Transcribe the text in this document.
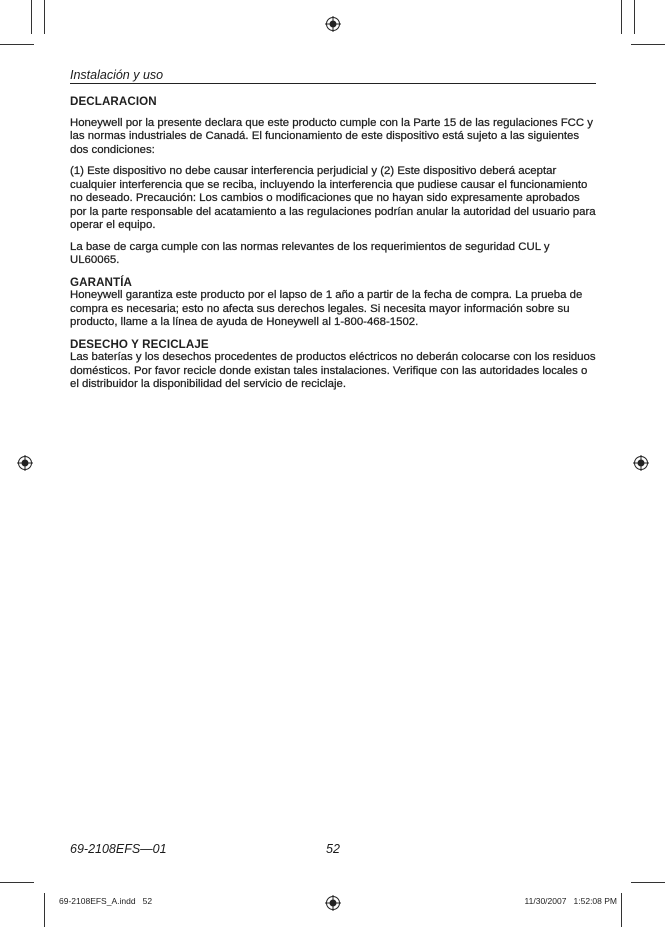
Instalación y uso
DECLARACION

Honeywell por la presente declara que este producto cumple con la Parte 15 de las regulaciones FCC y las normas industriales de Canadá. El funcionamiento de este dispositivo está sujeto a las siguientes dos condiciones:

(1) Este dispositivo no debe causar interferencia perjudicial y (2) Este dispositivo deberá aceptar cualquier interferencia que se reciba, incluyendo la interferencia que pudiese causar el funcionamiento no deseado. Precaución: Los cambios o modificaciones que no hayan sido expresamente aprobados por la parte responsable del acatamiento a las regulaciones podrían anular la autoridad del usuario para operar el equipo.

La base de carga cumple con las normas relevantes de los requerimientos de seguridad CUL y UL60065.

GARANTÍA

Honeywell garantiza este producto por el lapso de 1 año a partir de la fecha de compra. La prueba de compra es necesaria; esto no afecta sus derechos legales. Si necesita mayor información sobre su producto, llame a la línea de ayuda de Honeywell al 1-800-468-1502.

DESECHO Y RECICLAJE

Las baterías y los desechos procedentes de productos eléctricos no deberán colocarse con los residuos domésticos. Por favor recicle donde existan tales instalaciones. Verifique con las autoridades locales o el distribuidor la disponibilidad del servicio de reciclaje.

69-2108EFS—01	52
69-2108EFS_A.indd   52	11/30/2007   1:52:08 PM
